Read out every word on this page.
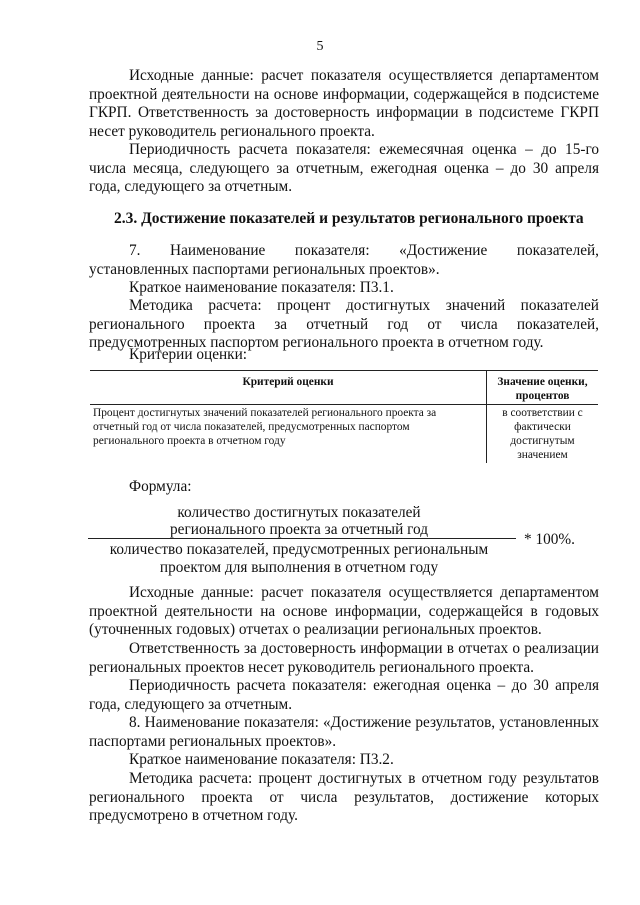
5

Исходные данные: расчет показателя осуществляется департаментом проектной деятельности на основе информации, содержащейся в подсистеме ГКРП. Ответственность за достоверность информации в подсистеме ГКРП несет руководитель регионального проекта.

Периодичность расчета показателя: ежемесячная оценка – до 15-го числа месяца, следующего за отчетным, ежегодная оценка – до 30 апреля года, следующего за отчетным.

2.3. Достижение показателей и результатов регионального проекта

7. Наименование показателя: «Достижение показателей, установленных паспортами региональных проектов».

Краткое наименование показателя: П3.1.

Методика расчета: процент достигнутых значений показателей регионального проекта за отчетный год от числа показателей, предусмотренных паспортом регионального проекта в отчетном году.

Критерии оценки:

Критерий оценки	Значение оценки, процентов
Процент достигнутых значений показателей регионального проекта за отчетный год от числа показателей, предусмотренных паспортом регионального проекта в отчетном году	в соответствии с фактически достигнутым значением

Формула:

количество достигнутых показателей
регионального проекта за отчетный год
количество показателей, предусмотренных региональным
проектом для выполнения в отчетном году
* 100%.

Исходные данные: расчет показателя осуществляется департаментом проектной деятельности на основе информации, содержащейся в годовых (уточненных годовых) отчетах о реализации региональных проектов.

Ответственность за достоверность информации в отчетах о реализации региональных проектов несет руководитель регионального проекта.

Периодичность расчета показателя: ежегодная оценка – до 30 апреля года, следующего за отчетным.

8. Наименование показателя: «Достижение результатов, установленных паспортами региональных проектов».

Краткое наименование показателя: П3.2.

Методика расчета: процент достигнутых в отчетном году результатов регионального проекта от числа результатов, достижение которых предусмотрено в отчетном году.
